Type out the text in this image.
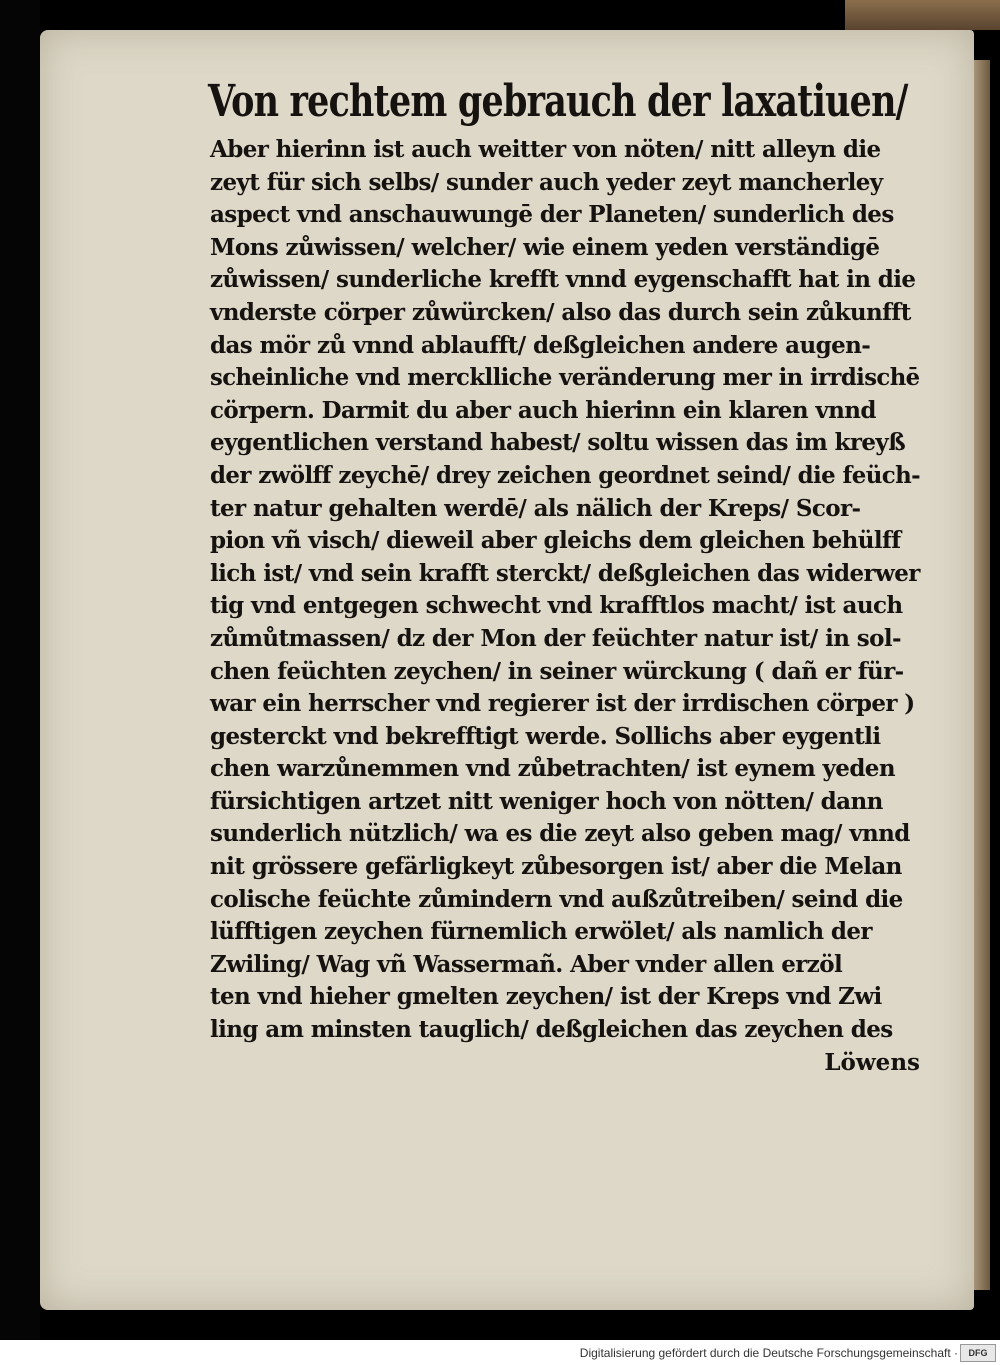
Von rechtem gebrauch der laxatiuen/
Aber hierinn ist auch weitter von nöten/ nitt alleyn die
zeyt für sich selbs/ sunder auch yeder zeyt mancherley
aspect vnd anschauwungē der Planeten/ sunderlich des
Mons zůwissen/ welcher/ wie einem yeden verständigē
zůwissen/ sunderliche krefft vnnd eygenschafft hat in die
vnderste cörper zůwürcken/ also das durch sein zůkunfft
das mör zů vnnd ablaufft/ deßgleichen andere augen-
scheinliche vnd mercklliche veränderung mer in irrdischē
cörpern. Darmit du aber auch hierinn ein klaren vnnd
eygentlichen verstand habest/ soltu wissen das im kreyß
der zwölff zeychē/ drey zeichen geordnet seind/ die feüch-
ter natur gehalten werdē/ als nälich der Kreps/ Scor-
pion vñ visch/ dieweil aber gleichs dem gleichen behülff
lich ist/ vnd sein krafft sterckt/ deßgleichen das widerwer
tig vnd entgegen schwecht vnd krafftlos macht/ ist auch
zůmůtmassen/ dz der Mon der feüchter natur ist/ in sol-
chen feüchten zeychen/ in seiner würckung ( dañ er für-
war ein herrscher vnd regierer ist der irrdischen cörper )
gesterckt vnd bekrefftigt werde. Sollichs aber eygentli
chen warzůnemmen vnd zůbetrachten/ ist eynem yeden
fürsichtigen artzet nitt weniger hoch von nötten/ dann
sunderlich nützlich/ wa es die zeyt also geben mag/ vnnd
nit grössere gefärligkeyt zůbesorgen ist/ aber die Melan
colische feüchte zůmindern vnd außzůtreiben/ seind die
lüfftigen zeychen fürnemlich erwölet/ als namlich der
Zwiling/ Wag vñ Wassermañ. Aber vnder allen erzöl
ten vnd hieher gmelten zeychen/ ist der Kreps vnd Zwi
ling am minsten tauglich/ deßgleichen das zeychen des
Löwens
Digitalisierung gefördert durch die Deutsche Forschungsgemeinschaft ·	DFG
